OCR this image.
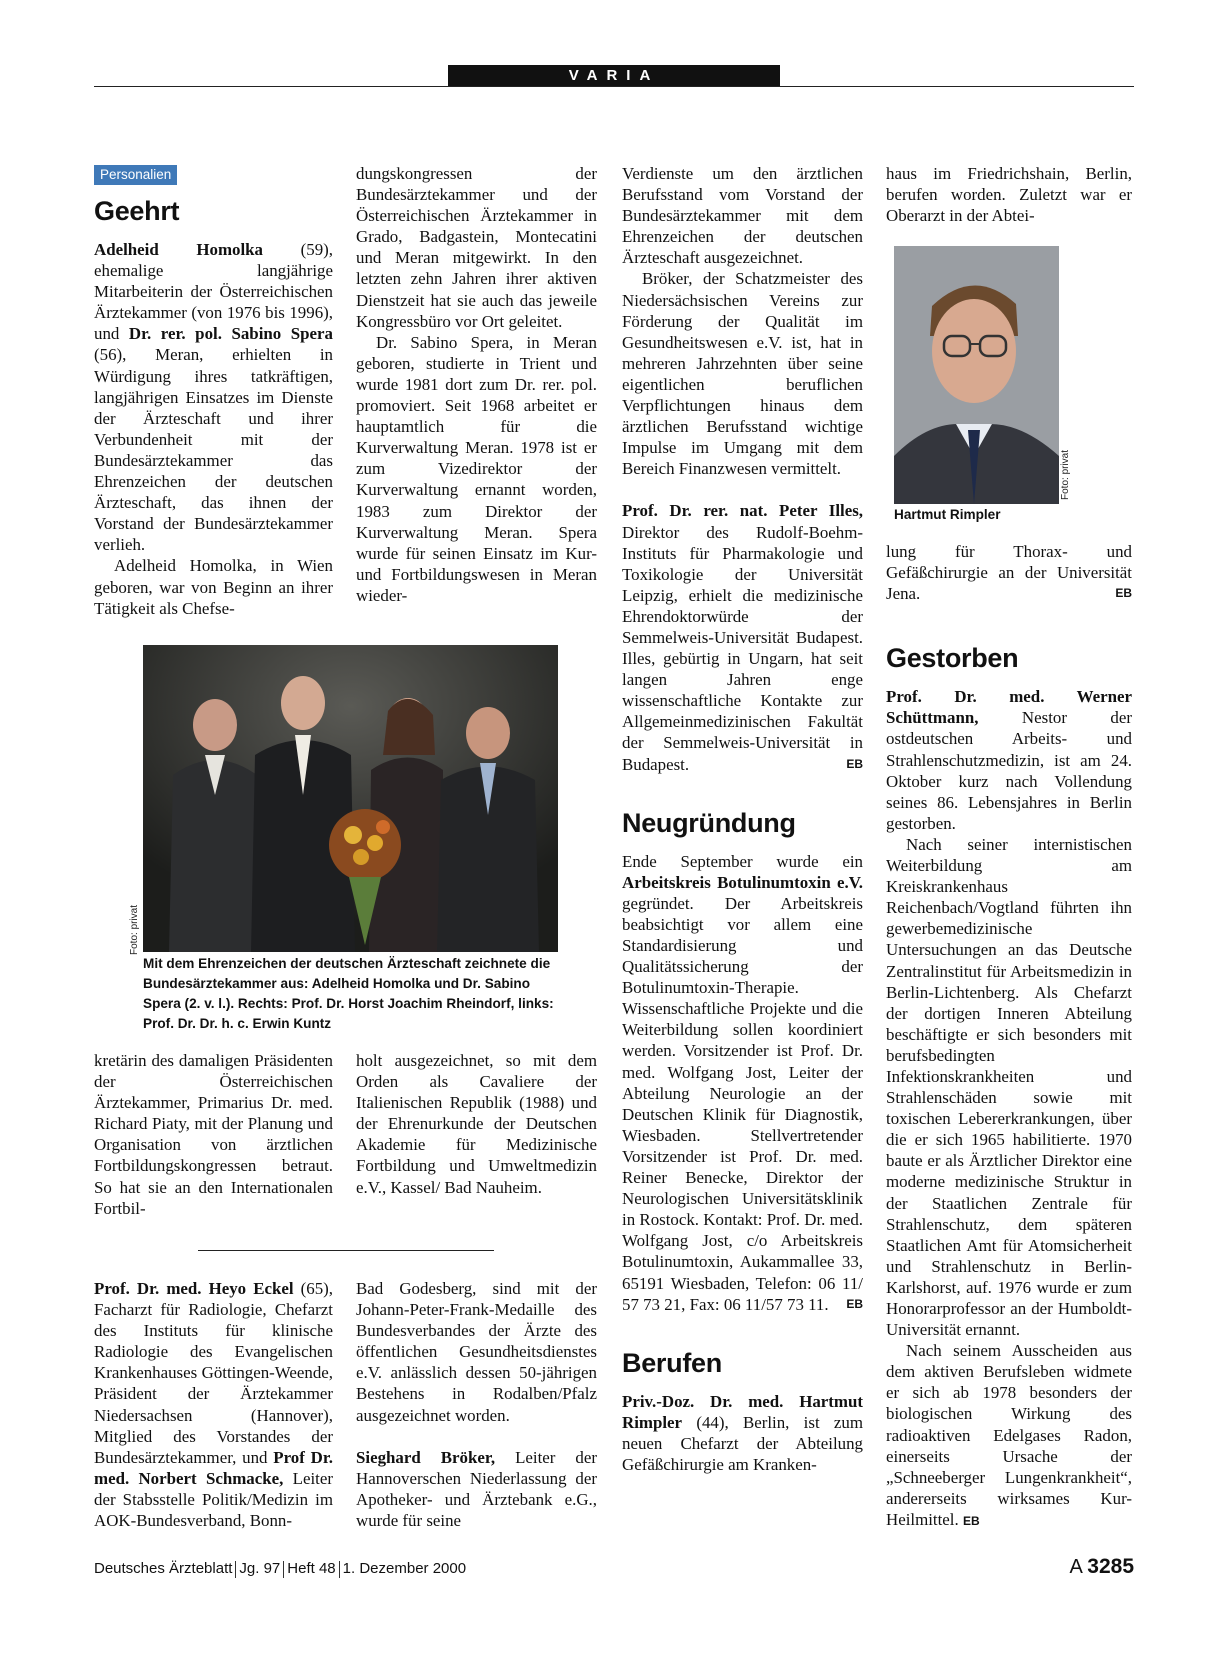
VARIA
Personalien
Geehrt

Adelheid Homolka (59), ehemalige langjährige Mitarbeiterin der Österreichischen Ärztekammer (von 1976 bis 1996), und Dr. rer. pol. Sabino Spera (56), Meran, erhielten in Würdigung ihres tatkräftigen, langjährigen Einsatzes im Dienste der Ärzteschaft und ihrer Verbundenheit mit der Bundesärztekammer das Ehrenzeichen der deutschen Ärzteschaft, das ihnen der Vorstand der Bundesärztekammer verlieh.

Adelheid Homolka, in Wien geboren, war von Beginn an ihrer Tätigkeit als Chefse-

dungskongressen der Bundesärztekammer und der Österreichischen Ärztekammer in Grado, Badgastein, Montecatini und Meran mitgewirkt. In den letzten zehn Jahren ihrer aktiven Dienstzeit hat sie auch das jeweile Kongressbüro vor Ort geleitet.

Dr. Sabino Spera, in Meran geboren, studierte in Trient und wurde 1981 dort zum Dr. rer. pol. promoviert. Seit 1968 arbeitet er hauptamtlich für die Kurverwaltung Meran. 1978 ist er zum Vizedirektor der Kurverwaltung ernannt worden, 1983 zum Direktor der Kurverwaltung Meran. Spera wurde für seinen Einsatz im Kur- und Fortbildungswesen in Meran wieder-

Foto: privat
Mit dem Ehrenzeichen der deutschen Ärzteschaft zeichnete die Bundesärztekammer aus: Adelheid Homolka und Dr. Sabino Spera (2. v. l.). Rechts: Prof. Dr. Horst Joachim Rheindorf, links: Prof. Dr. Dr. h. c. Erwin Kuntz

kretärin des damaligen Präsidenten der Österreichischen Ärztekammer, Primarius Dr. med. Richard Piaty, mit der Planung und Organisation von ärztlichen Fortbildungskongressen betraut. So hat sie an den Internationalen Fortbil-

holt ausgezeichnet, so mit dem Orden als Cavaliere der Italienischen Republik (1988) und der Ehrenurkunde der Deutschen Akademie für Medizinische Fortbildung und Umweltmedizin e.V., Kassel/ Bad Nauheim.

Prof. Dr. med. Heyo Eckel (65), Facharzt für Radiologie, Chefarzt des Instituts für klinische Radiologie des Evangelischen Krankenhauses Göttingen-Weende, Präsident der Ärztekammer Niedersachsen (Hannover), Mitglied des Vorstandes der Bundesärztekammer, und Prof Dr. med. Norbert Schmacke, Leiter der Stabsstelle Politik/Medizin im AOK-Bundesverband, Bonn-

Bad Godesberg, sind mit der Johann-Peter-Frank-Medaille des Bundesverbandes der Ärzte des öffentlichen Gesundheitsdienstes e.V. anlässlich dessen 50-jährigen Bestehens in Rodalben/Pfalz ausgezeichnet worden.

Sieghard Bröker, Leiter der Hannoverschen Niederlassung der Apotheker- und Ärztebank e.G., wurde für seine

Verdienste um den ärztlichen Berufsstand vom Vorstand der Bundesärztekammer mit dem Ehrenzeichen der deutschen Ärzteschaft ausgezeichnet.

Bröker, der Schatzmeister des Niedersächsischen Vereins zur Förderung der Qualität im Gesundheitswesen e.V. ist, hat in mehreren Jahrzehnten über seine eigentlichen beruflichen Verpflichtungen hinaus dem ärztlichen Berufsstand wichtige Impulse im Umgang mit dem Bereich Finanzwesen vermittelt.

Prof. Dr. rer. nat. Peter Illes, Direktor des Rudolf-Boehm-Instituts für Pharmakologie und Toxikologie der Universität Leipzig, erhielt die medizinische Ehrendoktorwürde der Semmelweis-Universität Budapest. Illes, gebürtig in Ungarn, hat seit langen Jahren enge wissenschaftliche Kontakte zur Allgemeinmedizinischen Fakultät der Semmelweis-Universität in Budapest.	EB

Neugründung

Ende September wurde ein Arbeitskreis Botulinumtoxin e.V. gegründet. Der Arbeitskreis beabsichtigt vor allem eine Standardisierung und Qualitätssicherung der Botulinumtoxin-Therapie. Wissenschaftliche Projekte und die Weiterbildung sollen koordiniert werden. Vorsitzender ist Prof. Dr. med. Wolfgang Jost, Leiter der Abteilung Neurologie an der Deutschen Klinik für Diagnostik, Wiesbaden. Stellvertretender Vorsitzender ist Prof. Dr. med. Reiner Benecke, Direktor der Neurologischen Universitätsklinik in Rostock. Kontakt: Prof. Dr. med. Wolfgang Jost, c/o Arbeitskreis Botulinumtoxin, Aukammallee 33, 65191 Wiesbaden, Telefon: 06 11/ 57 73 21, Fax: 06 11/57 73 11. EB

Berufen

Priv.-Doz. Dr. med. Hartmut Rimpler (44), Berlin, ist zum neuen Chefarzt der Abteilung Gefäßchirurgie am Kranken-

haus im Friedrichshain, Berlin, berufen worden. Zuletzt war er Oberarzt in der Abtei-

Foto: privat
Hartmut Rimpler

lung für Thorax- und Gefäßchirurgie an der Universität Jena.	EB

Gestorben

Prof. Dr. med. Werner Schüttmann, Nestor der ostdeutschen Arbeits- und Strahlenschutzmedizin, ist am 24. Oktober kurz nach Vollendung seines 86. Lebensjahres in Berlin gestorben.

Nach seiner internistischen Weiterbildung am Kreiskrankenhaus Reichenbach/Vogtland führten ihn gewerbemedizinische Untersuchungen an das Deutsche Zentralinstitut für Arbeitsmedizin in Berlin-Lichtenberg. Als Chefarzt der dortigen Inneren Abteilung beschäftigte er sich besonders mit berufsbedingten Infektionskrankheiten und Strahlenschäden sowie mit toxischen Lebererkrankungen, über die er sich 1965 habilitierte. 1970 baute er als Ärztlicher Direktor eine moderne medizinische Struktur in der Staatlichen Zentrale für Strahlenschutz, dem späteren Staatlichen Amt für Atomsicherheit und Strahlenschutz in Berlin-Karlshorst, auf. 1976 wurde er zum Honorarprofessor an der Humboldt-Universität ernannt.

Nach seinem Ausscheiden aus dem aktiven Berufsleben widmete er sich ab 1978 besonders der biologischen Wirkung des radioaktiven Edelgases Radon, einerseits Ursache der „Schneeberger Lungenkrankheit“, andererseits wirksames Kur-Heilmittel. EB

Deutsches Ärzteblatt Jg. 97 Heft 48 1. Dezember 2000	A 3285
